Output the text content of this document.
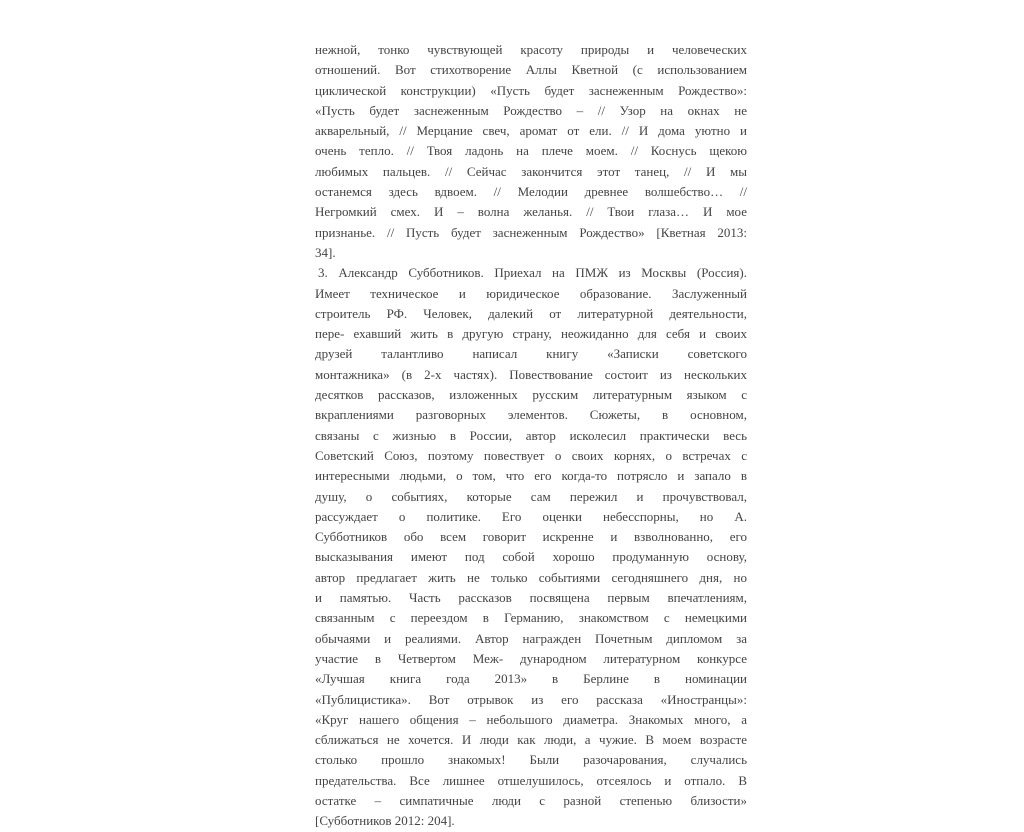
нежной, тонко чувствующей красоту природы и человеческих
отношений. Вот стихотворение Аллы Кветной (с использованием
циклической конструкции) «Пусть будет заснеженным Рождество»:
«Пусть будет заснеженным Рождество – // Узор на окнах не
акварельный, // Мерцание свеч, аромат от ели. // И дома уютно и
очень тепло. // Твоя ладонь на плече моем. // Коснусь щекою
любимых пальцев. // Сейчас закончится этот танец, // И мы
останемся здесь вдвоем. // Мелодии древнее волшебство… //
Негромкий смех. И – волна желанья. // Твои глаза… И мое
признанье. // Пусть будет заснеженным Рождество» [Кветная 2013:
34].
3. Александр Субботников. Приехал на ПМЖ из Москвы (Россия).
Имеет техническое и юридическое образование. Заслуженный
строитель РФ. Человек, далекий от литературной деятельности,
пере- ехавший жить в другую страну, неожиданно для себя и своих
друзей талантливо написал книгу «Записки советского
монтажника» (в 2-х частях). Повествование состоит из нескольких
десятков рассказов, изложенных русским литературным языком с
вкраплениями разговорных элементов. Сюжеты, в основном,
связаны с жизнью в России, автор исколесил практически весь
Советский Союз, поэтому повествует о своих корнях, о встречах с
интересными людьми, о том, что его когда-то потрясло и запало в
душу, о событиях, которые сам пережил и прочувствовал,
рассуждает о политике. Его оценки небесспорны, но А.
Субботников обо всем говорит искренне и взволнованно, его
высказывания имеют под собой хорошо продуманную основу,
автор предлагает жить не только событиями сегодняшнего дня, но
и памятью. Часть рассказов посвящена первым впечатлениям,
связанным с переездом в Германию, знакомством с немецкими
обычаями и реалиями. Автор награжден Почетным дипломом за
участие в Четвертом Меж- дународном литературном конкурсе
«Лучшая книга года 2013» в Берлине в номинации
«Публицистика». Вот отрывок из его рассказа «Иностранцы»:
«Круг нашего общения – небольшого диаметра. Знакомых много, а
сближаться не хочется. И люди как люди, а чужие. В моем возрасте
столько прошло знакомых! Были разочарования, случались
предательства. Все лишнее отшелушилось, отсеялось и отпало. В
остатке – симпатичные люди с разной степенью близости»
[Субботников 2012: 204].
